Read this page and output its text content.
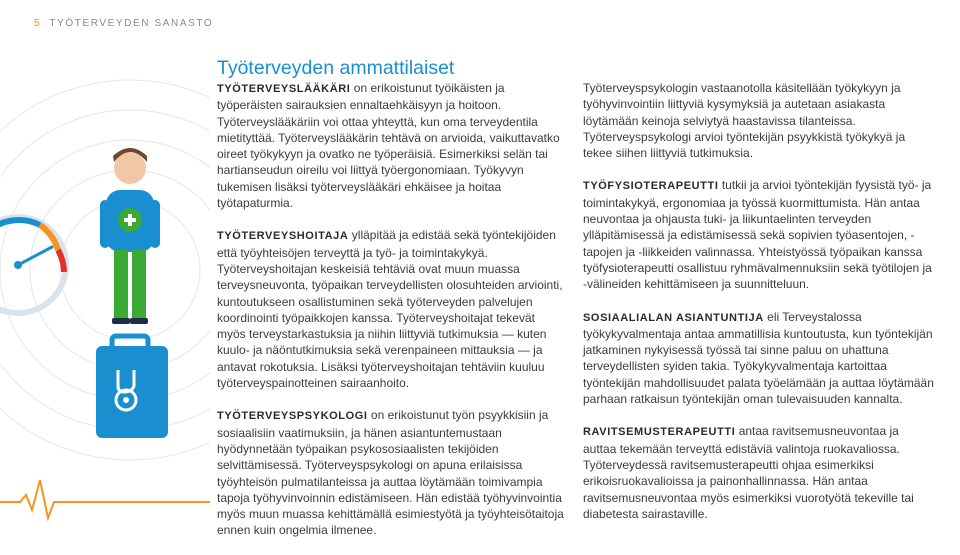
5 TYÖTERVEYDEN SANASTO
Työterveyden ammattilaiset

TYÖTERVEYSLÄÄKÄRI on erikoistunut työikäisten ja työperäisten sairauksien ennaltaehkäisyyn ja hoitoon. Työterveyslääkäriin voi ottaa yhteyttä, kun oma terveydentila mietityttää. Työterveyslääkärin tehtävä on arvioida, vaikuttavatko oireet työkykyyn ja ovatko ne työperäisiä. Esimerkiksi selän tai hartianseudun oireilu voi liittyä työergonomiaan. Työkyvyn tukemisen lisäksi työterveyslääkäri ehkäisee ja hoitaa työtapaturmia.

TYÖTERVEYSHOITAJA ylläpitää ja edistää sekä työntekijöiden että työyhteisöjen terveyttä ja työ- ja toimintakykyä. Työterveyshoitajan keskeisiä tehtäviä ovat muun muassa terveysneuvonta, työpaikan terveydellisten olosuhteiden arviointi, kuntoutukseen osallistuminen sekä työterveyden palvelujen koordinointi työpaikkojen kanssa. Työterveyshoitajat tekevät myös terveystarkastuksia ja niihin liittyviä tutkimuksia — kuten kuulo- ja näöntutkimuksia sekä verenpaineen mittauksia — ja antavat rokotuksia. Lisäksi työterveyshoitajan tehtäviin kuuluu työterveyspainotteinen sairaanhoito.

TYÖTERVEYSPSYKOLOGI on erikoistunut työn psyykkisiin ja sosiaalisiin vaatimuksiin, ja hänen asiantuntemustaan hyödynnetään työpaikan psykososiaalisten tekijöiden selvittämisessä. Työterveyspsykologi on apuna erilaisissa työyhteisön pulmatilanteissa ja auttaa löytämään toimivampia tapoja työhyvinvoinnin edistämiseen. Hän edistää työhyvinvointia myös muun muassa kehittämällä esimiestyötä ja työyhteisötaitoja ennen kuin ongelmia ilmenee.

Työterveyspsykologin vastaanotolla käsitellään työkykyyn ja työhyvinvointiin liittyviä kysymyksiä ja autetaan asiakasta löytämään keinoja selviytyä haastavissa tilanteissa. Työterveyspsykologi arvioi työntekijän psyykkistä työkykyä ja tekee siihen liittyviä tutkimuksia.

TYÖFYSIOTERAPEUTTI tutkii ja arvioi työntekijän fyysistä työ- ja toimintakykyä, ergonomiaa ja työssä kuormittumista. Hän antaa neuvontaa ja ohjausta tuki- ja liikuntaelinten terveyden ylläpitämisessä ja edistämisessä sekä sopivien työasentojen, -tapojen ja -liikkeiden valinnassa. Yhteistyössä työpaikan kanssa työfysioterapeutti osallistuu ryhmävalmennuksiin sekä työtilojen ja -välineiden kehittämiseen ja suunnitteluun.

SOSIAALIALAN ASIANTUNTIJA eli Terveystalossa työkykyvalmentaja antaa ammatillisia kuntoutusta, kun työntekijän jatkaminen nykyisessä työssä tai sinne paluu on uhattuna terveydellisten syiden takia. Työkykyvalmentaja kartoittaa työntekijän mahdollisuudet palata työelämään ja auttaa löytämään parhaan ratkaisun työntekijän oman tulevaisuuden kannalta.

RAVITSEMUSTERAPEUTTI antaa ravitsemusneuvontaa ja auttaa tekemään terveyttä edistäviä valintoja ruokavaliossa. Työterveydessä ravitsemusterapeutti ohjaa esimerkiksi erikoisruokavalioissa ja painonhallinnassa. Hän antaa ravitsemusneuvontaa myös esimerkiksi vuorotyötä tekeville tai diabetesta sairastaville.
